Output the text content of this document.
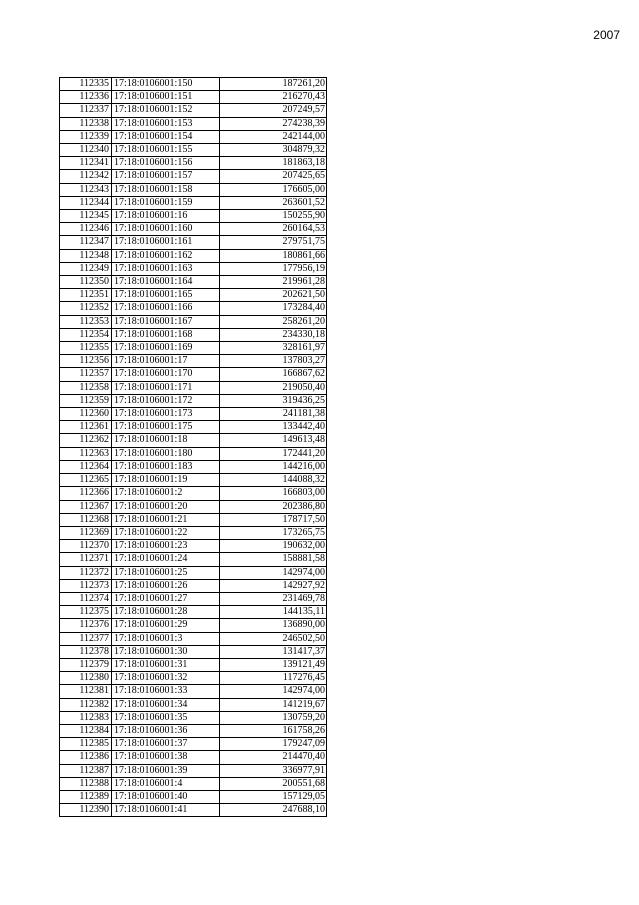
2007
112335	17:18:0106001:150	187261,20
112336	17:18:0106001:151	216270,43
112337	17:18:0106001:152	207249,57
112338	17:18:0106001:153	274238,39
112339	17:18:0106001:154	242144,00
112340	17:18:0106001:155	304879,32
112341	17:18:0106001:156	181863,18
112342	17:18:0106001:157	207425,65
112343	17:18:0106001:158	176605,00
112344	17:18:0106001:159	263601,52
112345	17:18:0106001:16	150255,90
112346	17:18:0106001:160	260164,53
112347	17:18:0106001:161	279751,75
112348	17:18:0106001:162	180861,66
112349	17:18:0106001:163	177956,19
112350	17:18:0106001:164	219961,28
112351	17:18:0106001:165	202621,50
112352	17:18:0106001:166	173284,40
112353	17:18:0106001:167	258261,20
112354	17:18:0106001:168	234330,18
112355	17:18:0106001:169	328161,97
112356	17:18:0106001:17	137803,27
112357	17:18:0106001:170	166867,62
112358	17:18:0106001:171	219050,40
112359	17:18:0106001:172	319436,25
112360	17:18:0106001:173	241181,38
112361	17:18:0106001:175	133442,40
112362	17:18:0106001:18	149613,48
112363	17:18:0106001:180	172441,20
112364	17:18:0106001:183	144216,00
112365	17:18:0106001:19	144088,32
112366	17:18:0106001:2	166803,00
112367	17:18:0106001:20	202386,80
112368	17:18:0106001:21	178717,50
112369	17:18:0106001:22	173265,75
112370	17:18:0106001:23	190632,00
112371	17:18:0106001:24	158881,58
112372	17:18:0106001:25	142974,00
112373	17:18:0106001:26	142927,92
112374	17:18:0106001:27	231469,78
112375	17:18:0106001:28	144135,11
112376	17:18:0106001:29	136890,00
112377	17:18:0106001:3	246502,50
112378	17:18:0106001:30	131417,37
112379	17:18:0106001:31	139121,49
112380	17:18:0106001:32	117276,45
112381	17:18:0106001:33	142974,00
112382	17:18:0106001:34	141219,67
112383	17:18:0106001:35	130759,20
112384	17:18:0106001:36	161758,26
112385	17:18:0106001:37	179247,09
112386	17:18:0106001:38	214470,40
112387	17:18:0106001:39	336977,91
112388	17:18:0106001:4	200551,68
112389	17:18:0106001:40	157129,05
112390	17:18:0106001:41	247688,10
